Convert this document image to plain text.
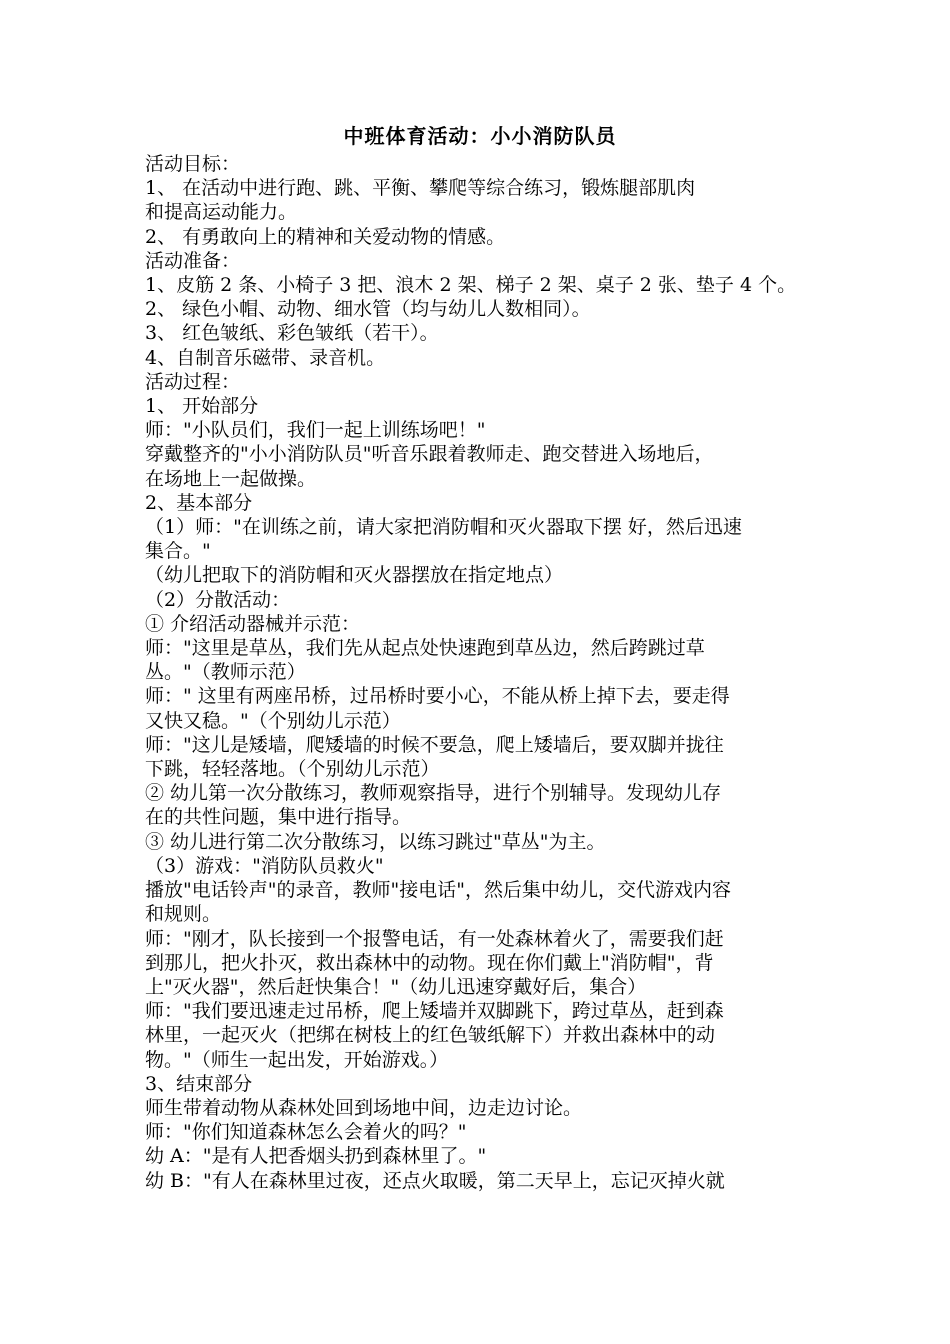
中班体育活动：小小消防队员
活动目标：
1、 在活动中进行跑、跳、平衡、攀爬等综合练习，锻炼腿部肌肉
和提高运动能力。
2、 有勇敢向上的精神和关爱动物的情感。
活动准备：
1、皮筋 2 条、小椅子 3 把、浪木 2 架、梯子 2 架、桌子 2 张、垫子 4 个。
2、 绿色小帽、动物、细水管（均与幼儿人数相同）。
3、 红色皱纸、彩色皱纸（若干）。
4、自制音乐磁带、录音机。
活动过程：
1、 开始部分
师："小队员们，我们一起上训练场吧！"
穿戴整齐的"小小消防队员"听音乐跟着教师走、跑交替进入场地后，
在场地上一起做操。
2、基本部分
（1）师："在训练之前，请大家把消防帽和灭火器取下摆 好，然后迅速
集合。"
（幼儿把取下的消防帽和灭火器摆放在指定地点）
（2）分散活动：
① 介绍活动器械并示范：
师："这里是草丛，我们先从起点处快速跑到草丛边，然后跨跳过草
丛。"（教师示范）
师：" 这里有两座吊桥，过吊桥时要小心，不能从桥上掉下去，要走得
又快又稳。"（个别幼儿示范）
师："这儿是矮墙，爬矮墙的时候不要急，爬上矮墙后，要双脚并拢往
下跳，轻轻落地。（个别幼儿示范）
② 幼儿第一次分散练习，教师观察指导，进行个别辅导。发现幼儿存
在的共性问题，集中进行指导。
③ 幼儿进行第二次分散练习，以练习跳过"草丛"为主。
（3）游戏："消防队员救火"
播放"电话铃声"的录音，教师"接电话"，然后集中幼儿，交代游戏内容
和规则。
师："刚才，队长接到一个报警电话，有一处森林着火了，需要我们赶
到那儿，把火扑灭，救出森林中的动物。现在你们戴上"消防帽"，背
上"灭火器"，然后赶快集合！"（幼儿迅速穿戴好后，集合）
师："我们要迅速走过吊桥，爬上矮墙并双脚跳下，跨过草丛，赶到森
林里，一起灭火（把绑在树枝上的红色皱纸解下）并救出森林中的动
物。"（师生一起出发，开始游戏。）
3、结束部分
师生带着动物从森林处回到场地中间，边走边讨论。
师："你们知道森林怎么会着火的吗？"
幼 A："是有人把香烟头扔到森林里了。"
幼 B："有人在森林里过夜，还点火取暖，第二天早上，忘记灭掉火就
